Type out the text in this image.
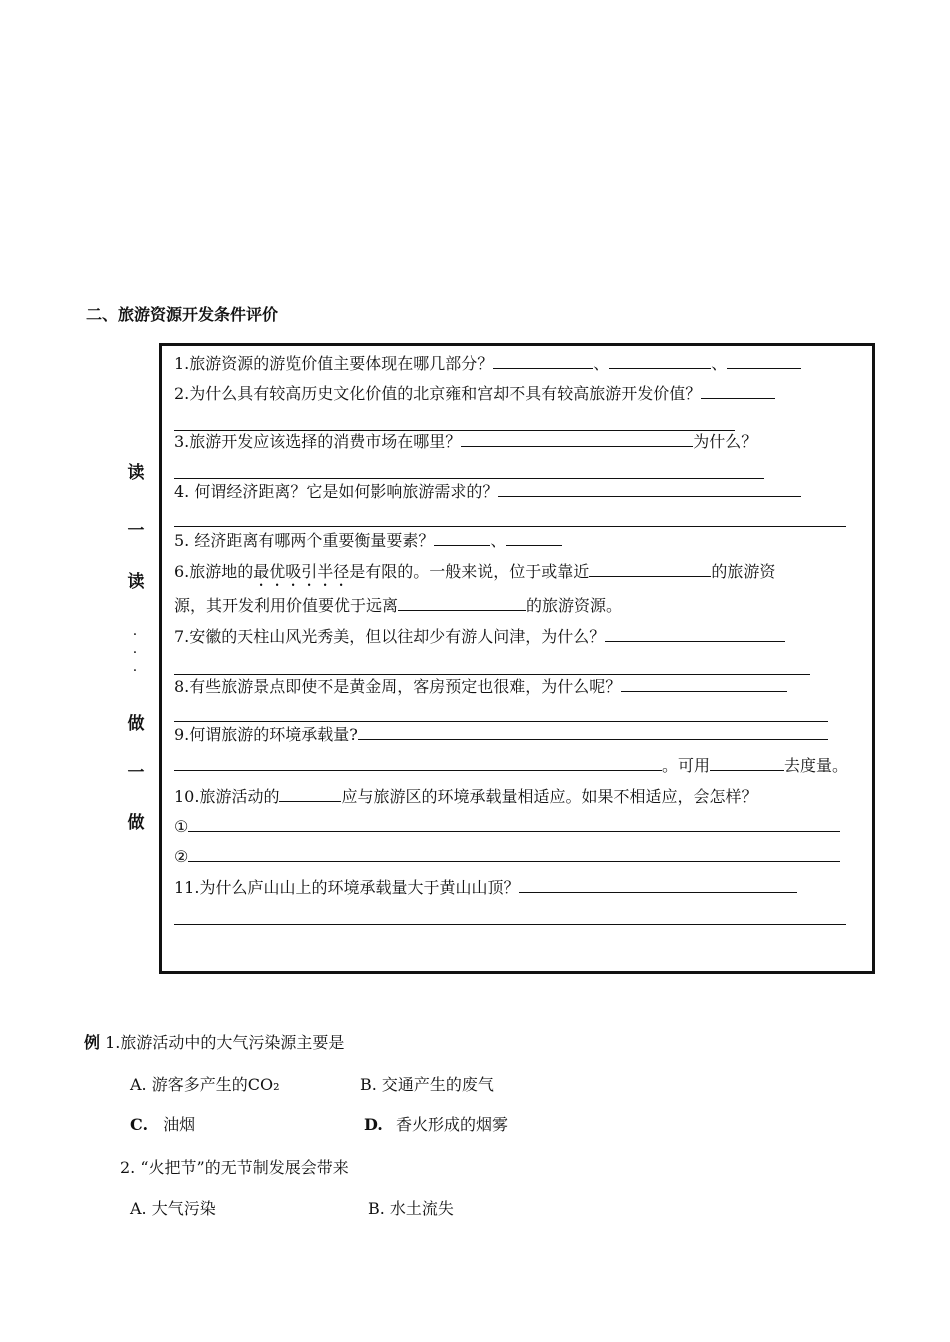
二、旅游资源开发条件评价
读
一
读
·
·
·
做
一
做
1.旅游资源的游览价值主要体现在哪几部分？	、	、
2.为什么具有较高历史文化价值的北京雍和宫却不具有较高旅游开发价值？
3.旅游开发应该选择的消费市场在哪里？	为什么？
4. 何谓经济距离？它是如何影响旅游需求的？
5. 经济距离有哪两个重要衡量要素？	、
6.旅游地的最优吸引半径是有限的。一般来说，位于或靠近	的旅游资
源，其开发利用价值要优于远离	的旅游资源。
7.安徽的天柱山风光秀美，但以往却少有游人问津，为什么？
8.有些旅游景点即使不是黄金周，客房预定也很难，为什么呢？
9.何谓旅游的环境承载量?
。可用	去度量。
10.旅游活动的	应与旅游区的环境承载量相适应。如果不相适应，会怎样？
①
②
11.为什么庐山山上的环境承载量大于黄山山顶？
例 1.旅游活动中的大气污染源主要是
A. 游客多产生的CO₂	B. 交通产生的废气
C. 油烟	D. 香火形成的烟雾
2. “火把节”的无节制发展会带来
A. 大气污染	B. 水土流失
